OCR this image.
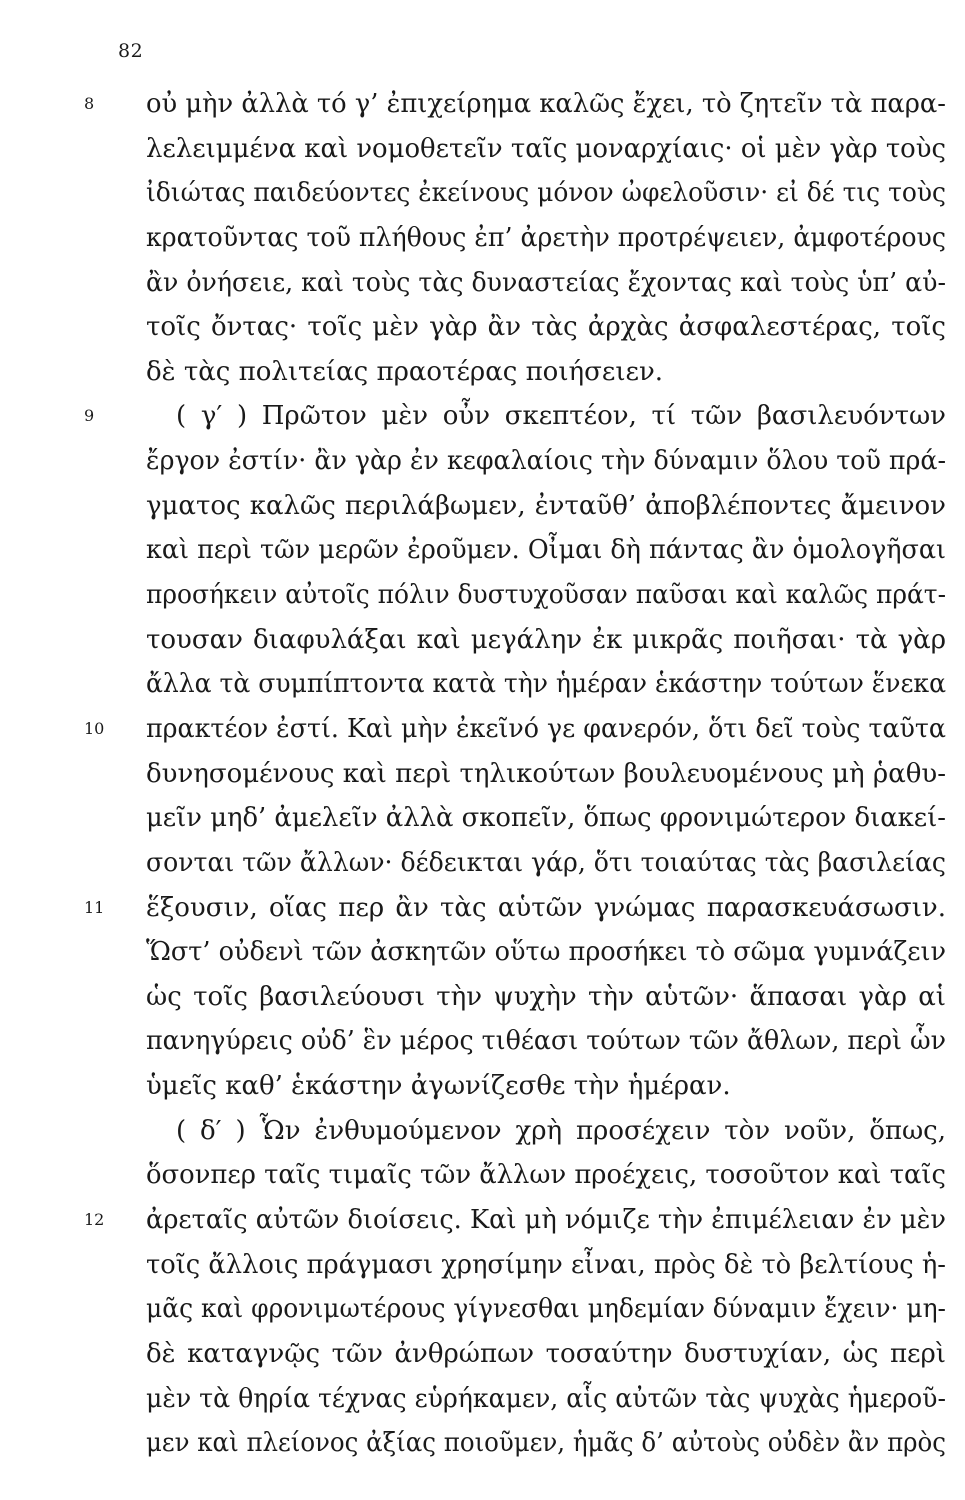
82
8	οὐ μὴν ἀλλὰ τό γ’ ἐπιχείρημα καλῶς ἔχει, τὸ ζητεῖν τὰ παρα-
λελειμμένα καὶ νομοθετεῖν ταῖς μοναρχίαις· οἱ μὲν γὰρ τοὺς
ἰδιώτας παιδεύοντες ἐκείνους μόνον ὠφελοῦσιν· εἰ δέ τις τοὺς
κρατοῦντας τοῦ πλήθους ἐπ’ ἀρετὴν προτρέψειεν, ἀμφοτέρους
ἂν ὀνήσειε, καὶ τοὺς τὰς δυναστείας ἔχοντας καὶ τοὺς ὑπ’ αὐ-
τοῖς ὄντας· τοῖς μὲν γὰρ ἂν τὰς ἀρχὰς ἀσφαλεστέρας, τοῖς
δὲ τὰς πολιτείας πραοτέρας ποιήσειεν.
9	( γ′ ) Πρῶτον μὲν οὖν σκεπτέον, τί τῶν βασιλευόντων
ἔργον ἐστίν· ἂν γὰρ ἐν κεφαλαίοις τὴν δύναμιν ὅλου τοῦ πρά-
γματος καλῶς περιλάβωμεν, ἐνταῦθ’ ἀποβλέποντες ἄμεινον
καὶ περὶ τῶν μερῶν ἐροῦμεν. Οἶμαι δὴ πάντας ἂν ὁμολογῆσαι
προσήκειν αὐτοῖς πόλιν δυστυχοῦσαν παῦσαι καὶ καλῶς πράτ-
τουσαν διαφυλάξαι καὶ μεγάλην ἐκ μικρᾶς ποιῆσαι· τὰ γὰρ
ἄλλα τὰ συμπίπτοντα κατὰ τὴν ἡμέραν ἑκάστην τούτων ἕνεκα
10	πρακτέον ἐστί. Καὶ μὴν ἐκεῖνό γε φανερόν, ὅτι δεῖ τοὺς ταῦτα
δυνησομένους καὶ περὶ τηλικούτων βουλευομένους μὴ ῥαθυ-
μεῖν μηδ’ ἀμελεῖν ἀλλὰ σκοπεῖν, ὅπως φρονιμώτερον διακεί-
σονται τῶν ἄλλων· δέδεικται γάρ, ὅτι τοιαύτας τὰς βασιλείας
11	ἕξουσιν, οἵας περ ἂν τὰς αὑτῶν γνώμας παρασκευάσωσιν.
Ὥστ’ οὐδενὶ τῶν ἀσκητῶν οὕτω προσήκει τὸ σῶμα γυμνάζειν
ὡς τοῖς βασιλεύουσι τὴν ψυχὴν τὴν αὑτῶν· ἅπασαι γὰρ αἱ
πανηγύρεις οὐδ’ ἓν μέρος τιθέασι τούτων τῶν ἄθλων, περὶ ὧν
ὑμεῖς καθ’ ἑκάστην ἀγωνίζεσθε τὴν ἡμέραν.
( δ′ ) Ὧν ἐνθυμούμενον χρὴ προσέχειν τὸν νοῦν, ὅπως,
ὅσονπερ ταῖς τιμαῖς τῶν ἄλλων προέχεις, τοσοῦτον καὶ ταῖς
12	ἀρεταῖς αὐτῶν διοίσεις. Καὶ μὴ νόμιζε τὴν ἐπιμέλειαν ἐν μὲν
τοῖς ἄλλοις πράγμασι χρησίμην εἶναι, πρὸς δὲ τὸ βελτίους ἡ-
μᾶς καὶ φρονιμωτέρους γίγνεσθαι μηδεμίαν δύναμιν ἔχειν· μη-
δὲ καταγνῷς τῶν ἀνθρώπων τοσαύτην δυστυχίαν, ὡς περὶ
μὲν τὰ θηρία τέχνας εὑρήκαμεν, αἷς αὐτῶν τὰς ψυχὰς ἡμεροῦ-
μεν καὶ πλείονος ἀξίας ποιοῦμεν, ἡμᾶς δ’ αὐτοὺς οὐδὲν ἂν πρὸς
